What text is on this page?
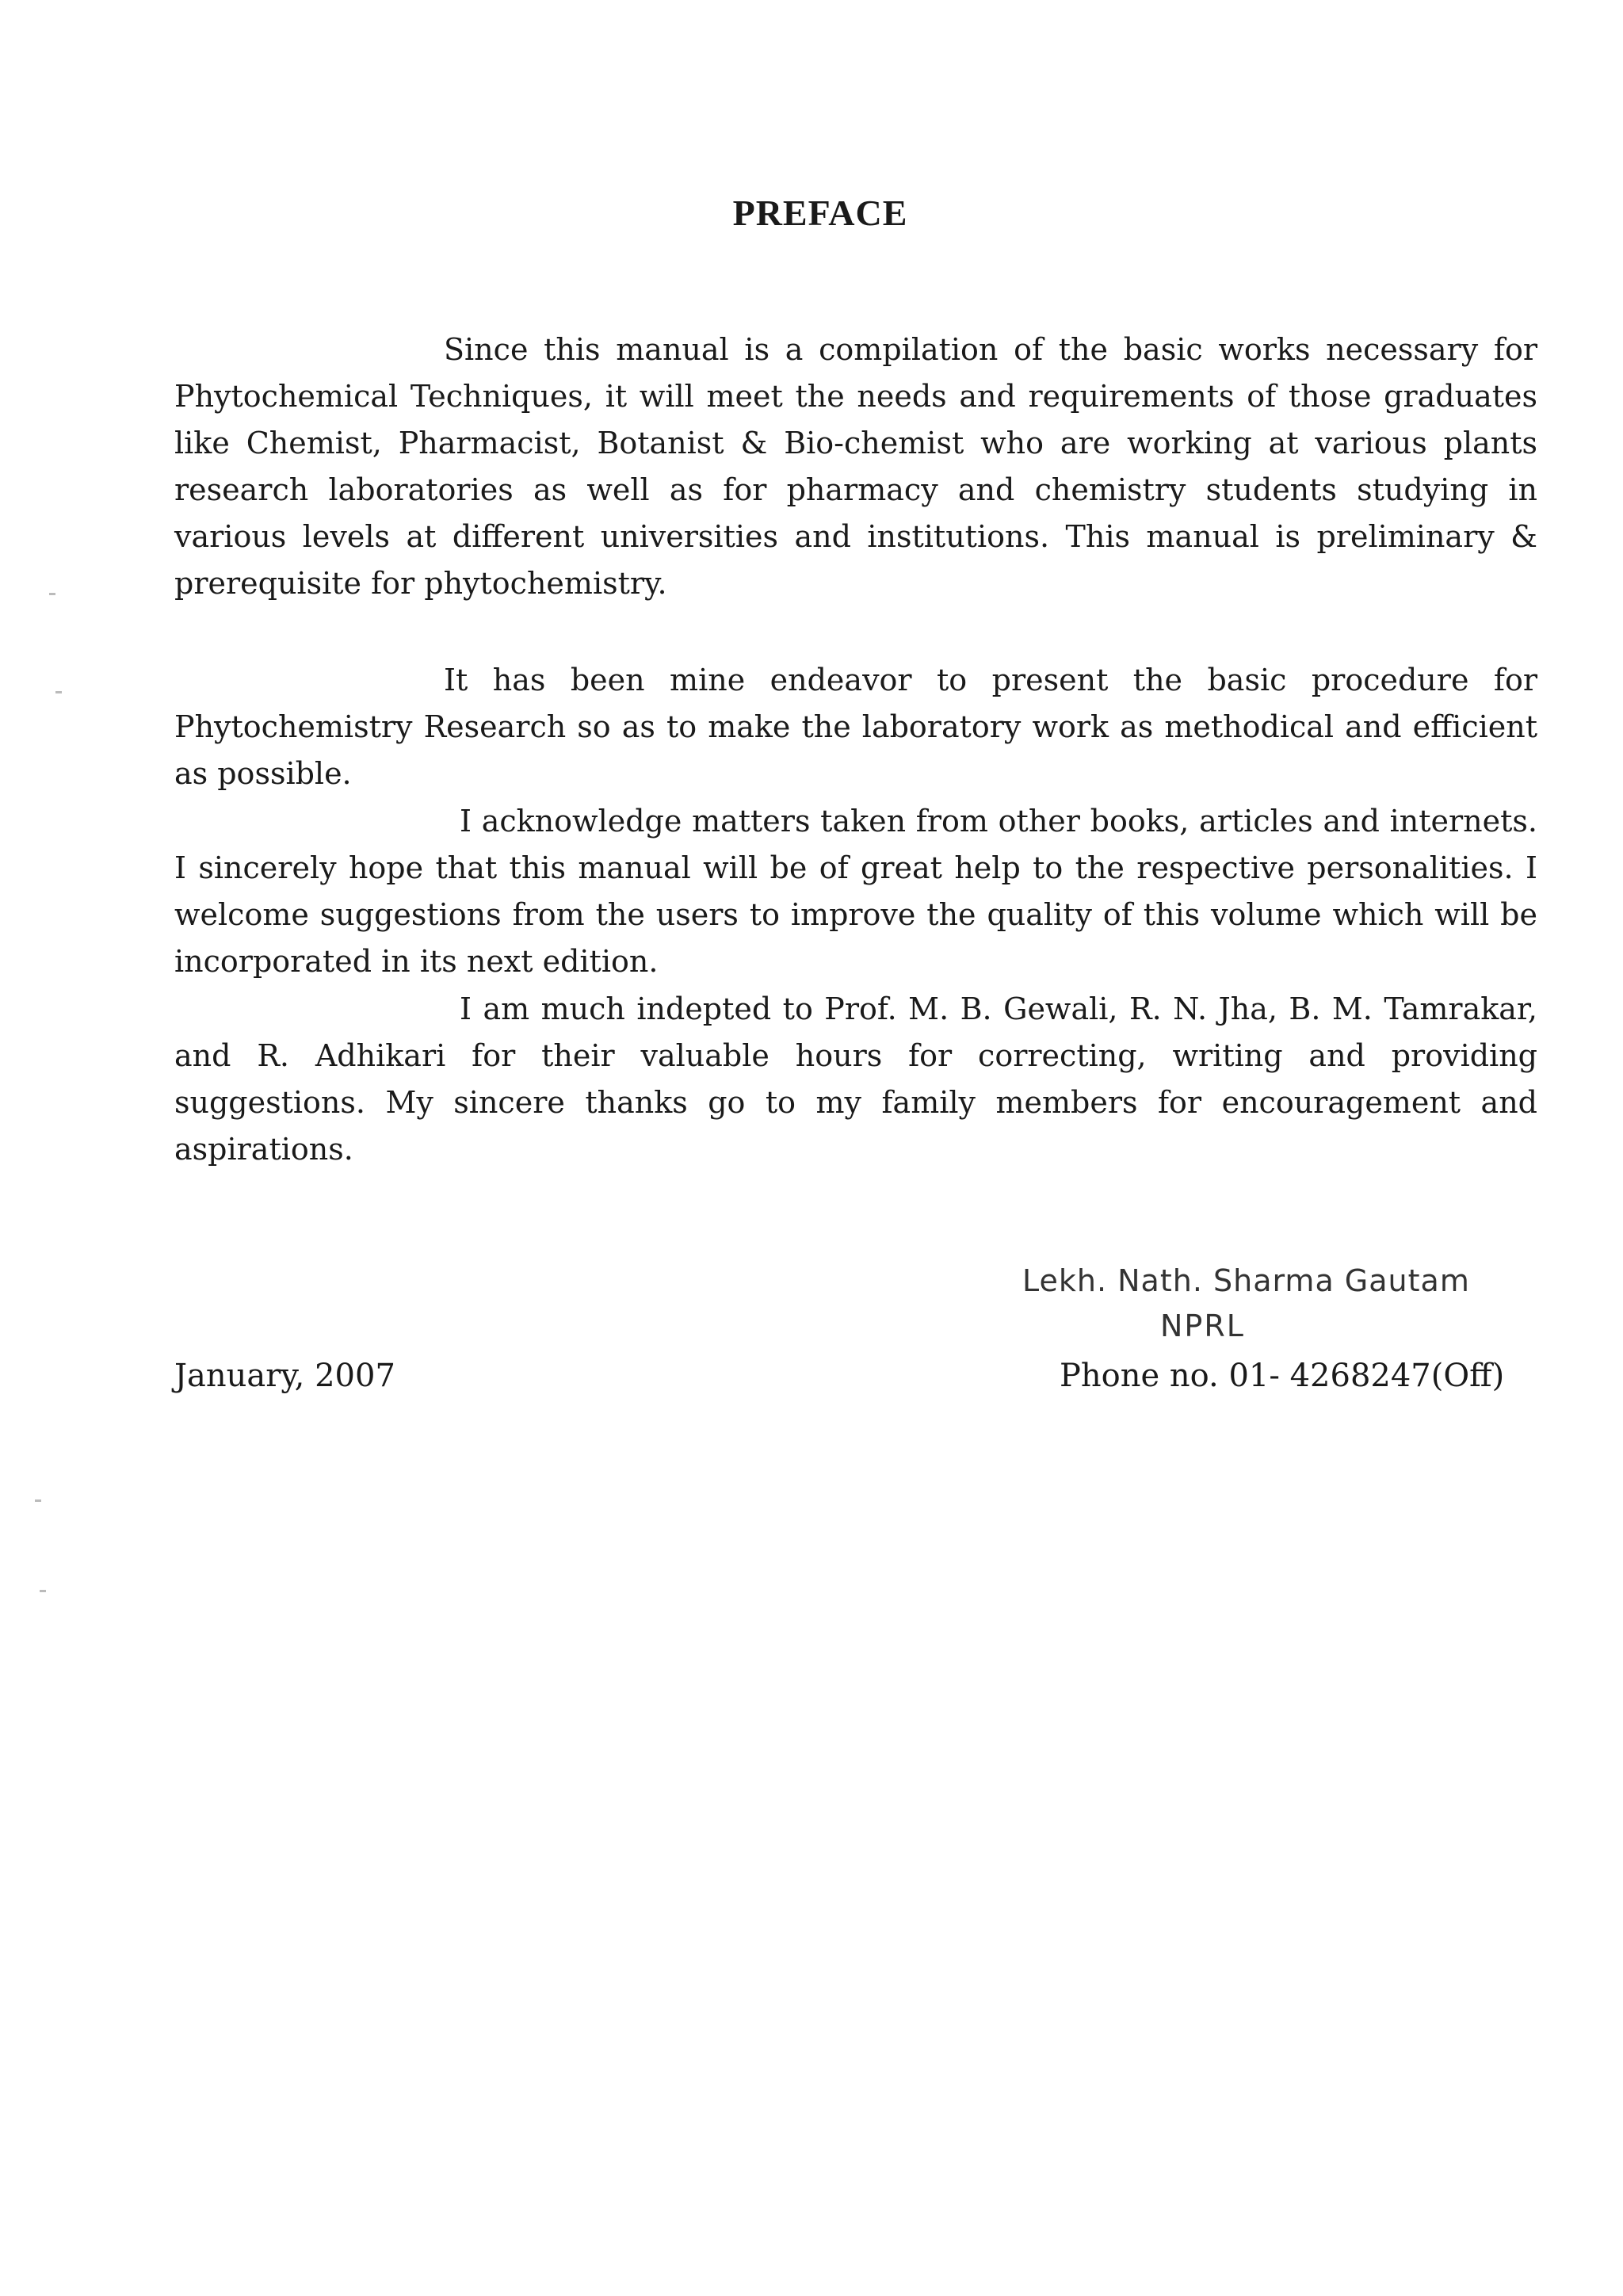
PREFACE

Since this manual is a compilation of the basic works necessary for Phytochemical Techniques, it will meet the needs and requirements of those graduates like Chemist, Pharmacist, Botanist & Bio-chemist who are working at various plants research laboratories as well as for pharmacy and chemistry students studying in various levels at different universities and institutions. This manual is preliminary & prerequisite for phytochemistry.

It has been mine endeavor to present the basic procedure for Phytochemistry Research so as to make the laboratory work as methodical and efficient as possible.

I acknowledge matters taken from other books, articles and internets. I sincerely hope that this manual will be of great help to the respective personalities. I welcome suggestions from the users to improve the quality of this volume which will be incorporated in its next edition.

I am much indepted to Prof. M. B. Gewali, R. N. Jha, B. M. Tamrakar, and R. Adhikari for their valuable hours for correcting, writing and providing suggestions. My sincere thanks go to my family members for encouragement and aspirations.

Lekh. Nath. Sharma Gautam
NPRL
Phone no. 01- 4268247(Off)
January, 2007
